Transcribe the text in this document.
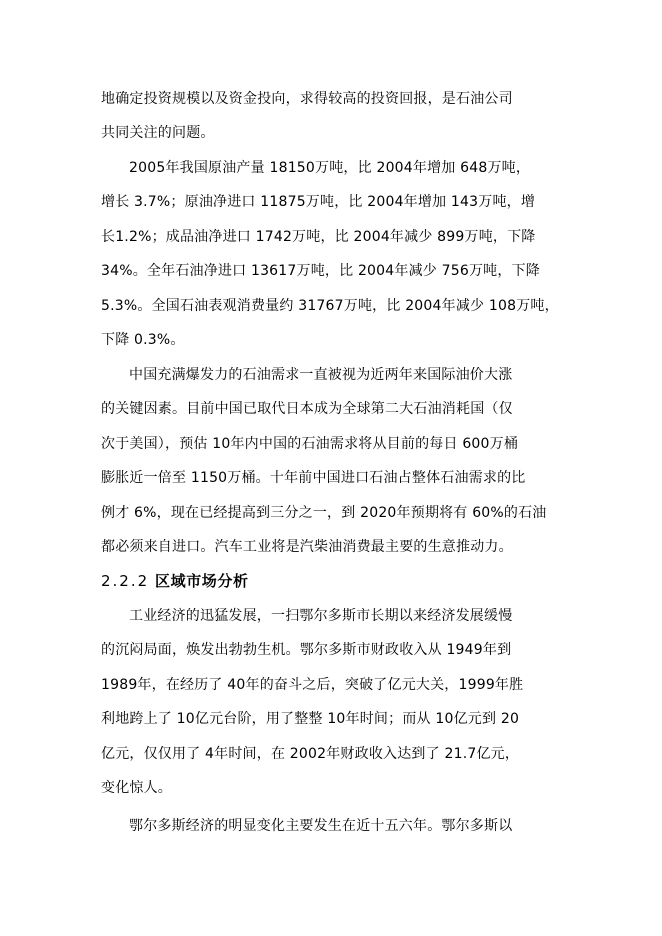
地确定投资规模以及资金投向，求得较高的投资回报，是石油公司
共同关注的问题。
2005年我国原油产量 18150万吨，比 2004年增加 648万吨，
增长 3.7%；原油净进口 11875万吨，比 2004年增加 143万吨，增
长1.2%；成品油净进口 1742万吨，比 2004年减少 899万吨，下降
34%。全年石油净进口 13617万吨，比 2004年减少 756万吨，下降
5.3%。全国石油表观消费量约 31767万吨，比 2004年减少 108万吨，
下降 0.3%。
中国充满爆发力的石油需求一直被视为近两年来国际油价大涨
的关键因素。目前中国已取代日本成为全球第二大石油消耗国（仅
次于美国），预估 10年内中国的石油需求将从目前的每日 600万桶
膨胀近一倍至 1150万桶。十年前中国进口石油占整体石油需求的比
例才 6%，现在已经提高到三分之一，到 2020年预期将有 60%的石油
都必须来自进口。汽车工业将是汽柴油消费最主要的生意推动力。
2.2.2 区域市场分析
工业经济的迅猛发展，一扫鄂尔多斯市长期以来经济发展缓慢
的沉闷局面，焕发出勃勃生机。鄂尔多斯市财政收入从 1949年到
1989年，在经历了 40年的奋斗之后，突破了亿元大关，1999年胜
利地跨上了 10亿元台阶，用了整整 10年时间；而从 10亿元到 20
亿元，仅仅用了 4年时间，在 2002年财政收入达到了 21.7亿元，
变化惊人。
鄂尔多斯经济的明显变化主要发生在近十五六年。鄂尔多斯以
